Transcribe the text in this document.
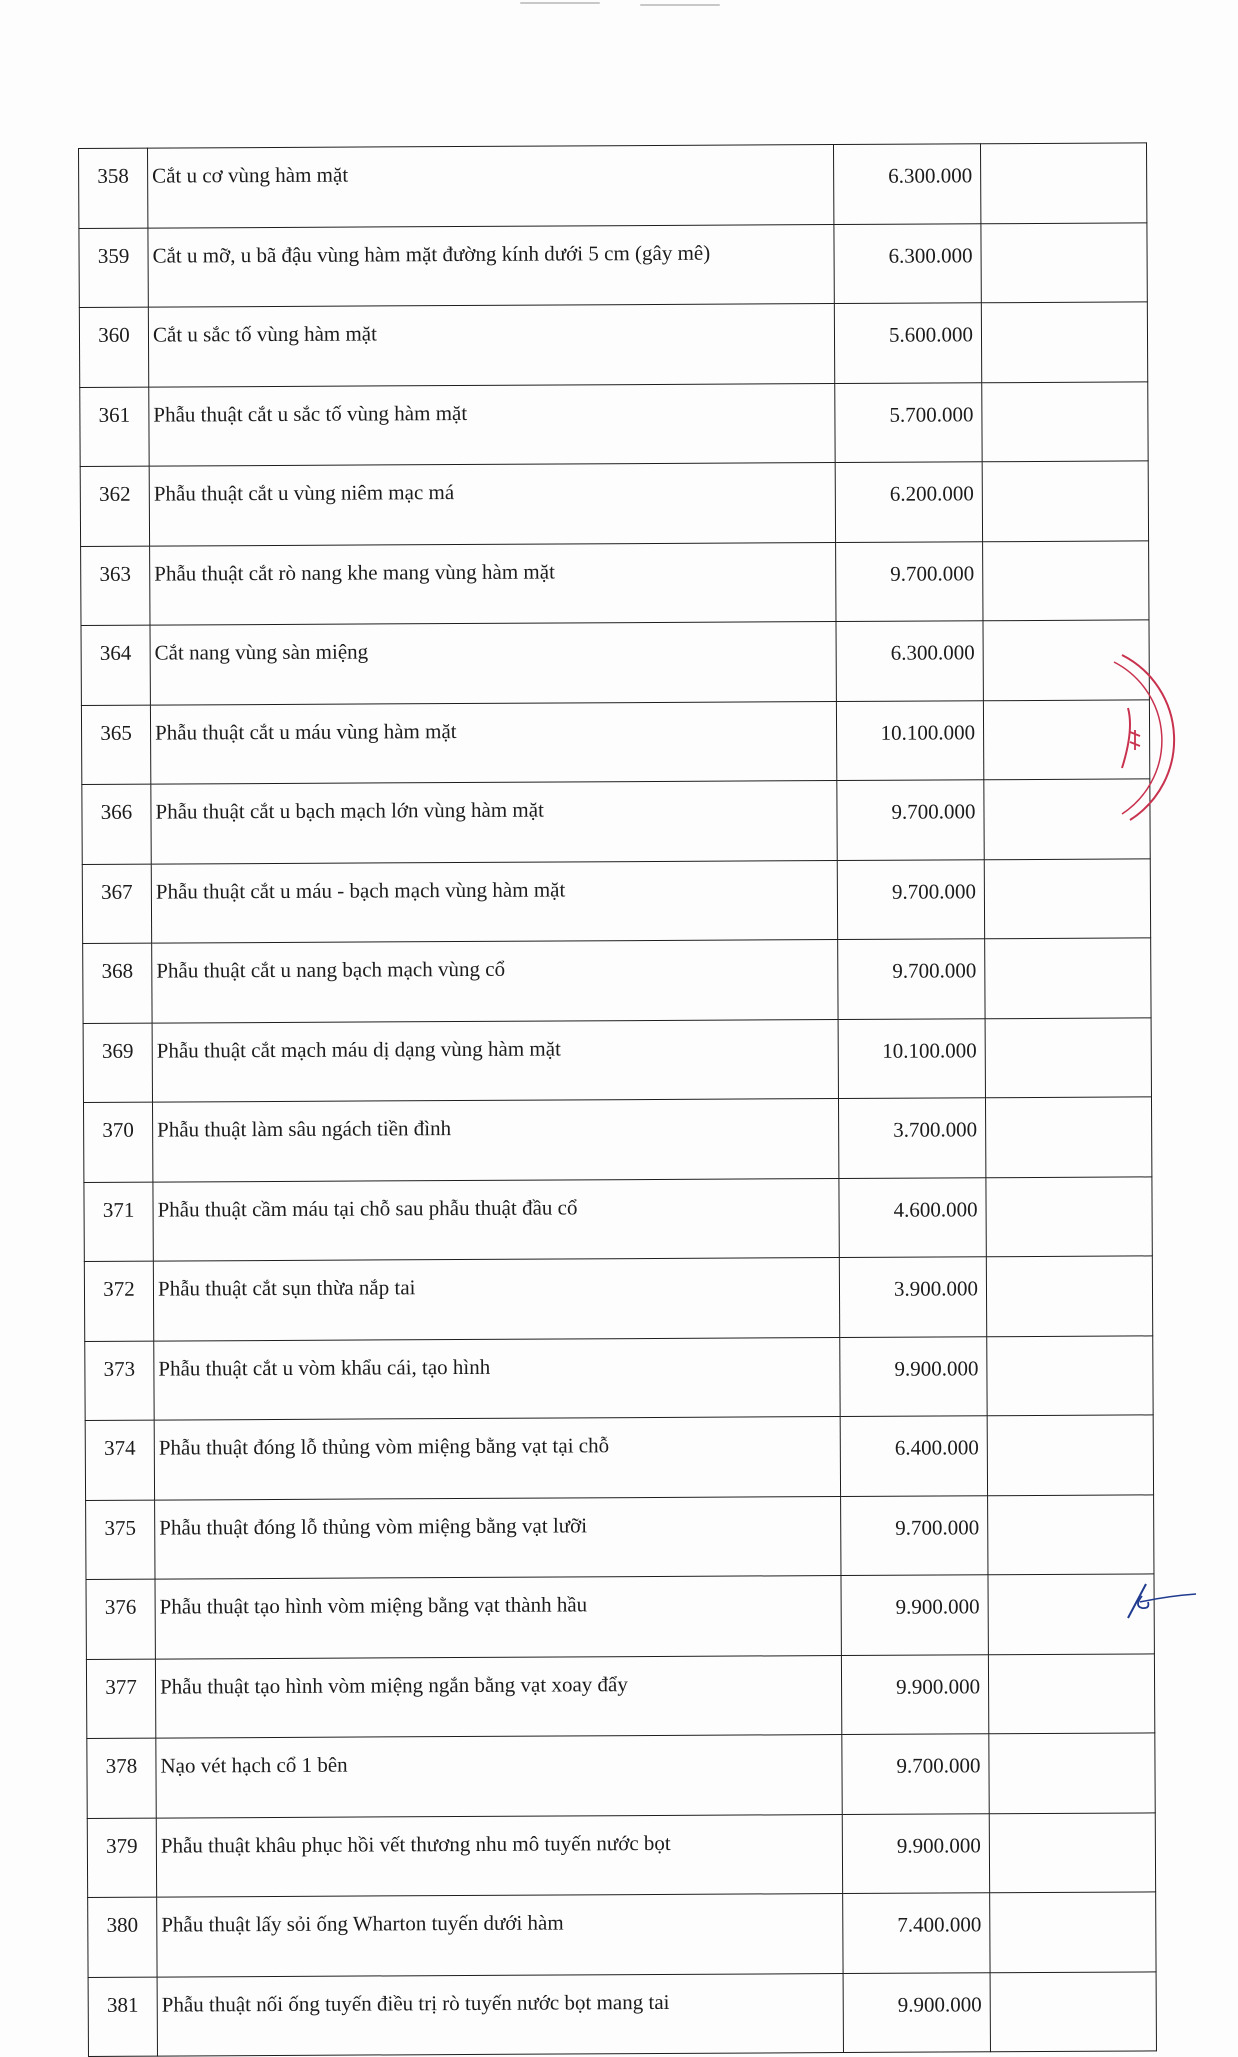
358	Cắt u cơ vùng hàm mặt	6.300.000	
359	Cắt u mỡ, u bã đậu vùng hàm mặt đường kính dưới 5 cm (gây mê)	6.300.000	
360	Cắt u sắc tố vùng hàm mặt	5.600.000	
361	Phẫu thuật cắt u sắc tố vùng hàm mặt	5.700.000	
362	Phẫu thuật cắt u vùng niêm mạc má	6.200.000	
363	Phẫu thuật cắt rò nang khe mang vùng hàm mặt	9.700.000	
364	Cắt nang vùng sàn miệng	6.300.000	
365	Phẫu thuật cắt u máu vùng hàm mặt	10.100.000	
366	Phẫu thuật cắt u bạch mạch lớn vùng hàm mặt	9.700.000	
367	Phẫu thuật cắt u máu - bạch mạch vùng hàm mặt	9.700.000	
368	Phẫu thuật cắt u nang bạch mạch vùng cổ	9.700.000	
369	Phẫu thuật cắt mạch máu dị dạng vùng hàm mặt	10.100.000	
370	Phẫu thuật làm sâu ngách tiền đình	3.700.000	
371	Phẫu thuật cầm máu tại chỗ sau phẫu thuật đầu cổ	4.600.000	
372	Phẫu thuật cắt sụn thừa nắp tai	3.900.000	
373	Phẫu thuật cắt u vòm khẩu cái, tạo hình	9.900.000	
374	Phẫu thuật đóng lỗ thủng vòm miệng bằng vạt tại chỗ	6.400.000	
375	Phẫu thuật đóng lỗ thủng vòm miệng bằng vạt lưỡi	9.700.000	
376	Phẫu thuật tạo hình vòm miệng bằng vạt thành hầu	9.900.000	
377	Phẫu thuật tạo hình vòm miệng ngắn bằng vạt xoay đẩy	9.900.000	
378	Nạo vét hạch cổ 1 bên	9.700.000	
379	Phẫu thuật khâu phục hồi vết thương nhu mô tuyến nước bọt	9.900.000	
380	Phẫu thuật lấy sỏi ống Wharton tuyến dưới hàm	7.400.000	
381	Phẫu thuật nối ống tuyến điều trị rò tuyến nước bọt mang tai	9.900.000	
